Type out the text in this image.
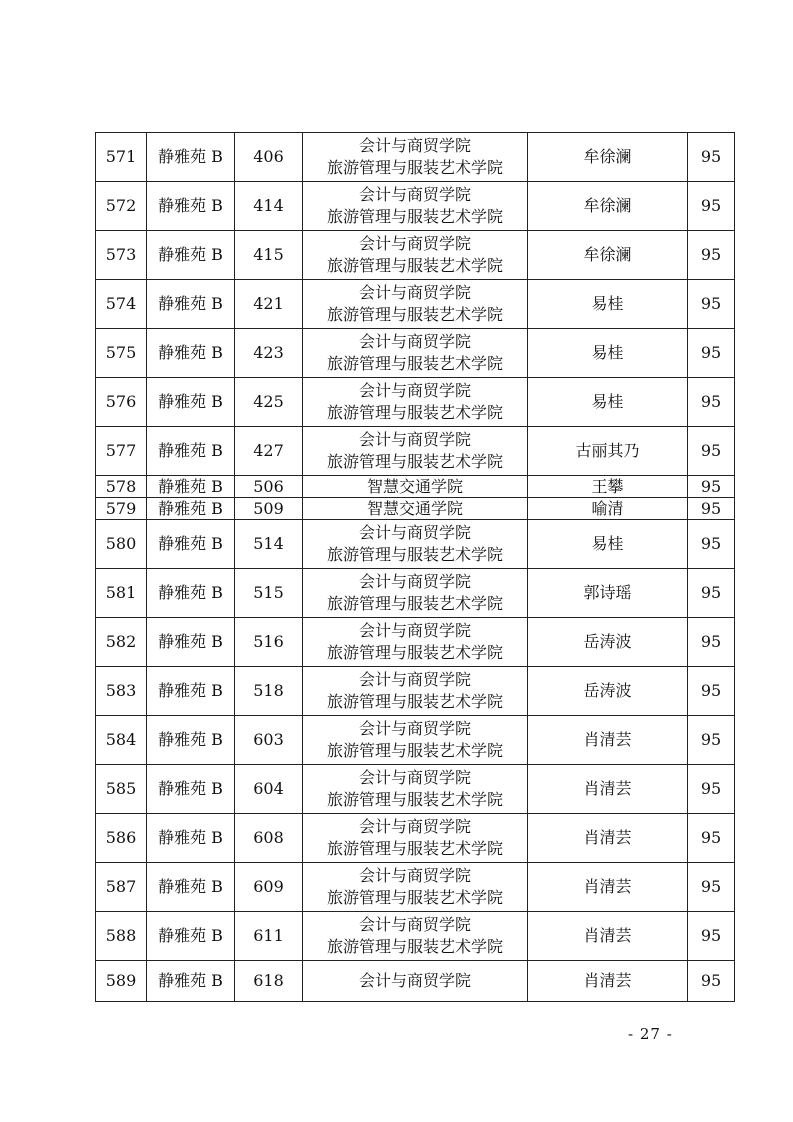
571	静雅苑 B	406	会计与商贸学院
旅游管理与服装艺术学院	牟徐澜	95
572	静雅苑 B	414	会计与商贸学院
旅游管理与服装艺术学院	牟徐澜	95
573	静雅苑 B	415	会计与商贸学院
旅游管理与服装艺术学院	牟徐澜	95
574	静雅苑 B	421	会计与商贸学院
旅游管理与服装艺术学院	易桂	95
575	静雅苑 B	423	会计与商贸学院
旅游管理与服装艺术学院	易桂	95
576	静雅苑 B	425	会计与商贸学院
旅游管理与服装艺术学院	易桂	95
577	静雅苑 B	427	会计与商贸学院
旅游管理与服装艺术学院	古丽其乃	95
578	静雅苑 B	506	智慧交通学院	王攀	95
579	静雅苑 B	509	智慧交通学院	喻清	95
580	静雅苑 B	514	会计与商贸学院
旅游管理与服装艺术学院	易桂	95
581	静雅苑 B	515	会计与商贸学院
旅游管理与服装艺术学院	郭诗瑶	95
582	静雅苑 B	516	会计与商贸学院
旅游管理与服装艺术学院	岳涛波	95
583	静雅苑 B	518	会计与商贸学院
旅游管理与服装艺术学院	岳涛波	95
584	静雅苑 B	603	会计与商贸学院
旅游管理与服装艺术学院	肖清芸	95
585	静雅苑 B	604	会计与商贸学院
旅游管理与服装艺术学院	肖清芸	95
586	静雅苑 B	608	会计与商贸学院
旅游管理与服装艺术学院	肖清芸	95
587	静雅苑 B	609	会计与商贸学院
旅游管理与服装艺术学院	肖清芸	95
588	静雅苑 B	611	会计与商贸学院
旅游管理与服装艺术学院	肖清芸	95
589	静雅苑 B	618	会计与商贸学院	肖清芸	95
- 27 -
